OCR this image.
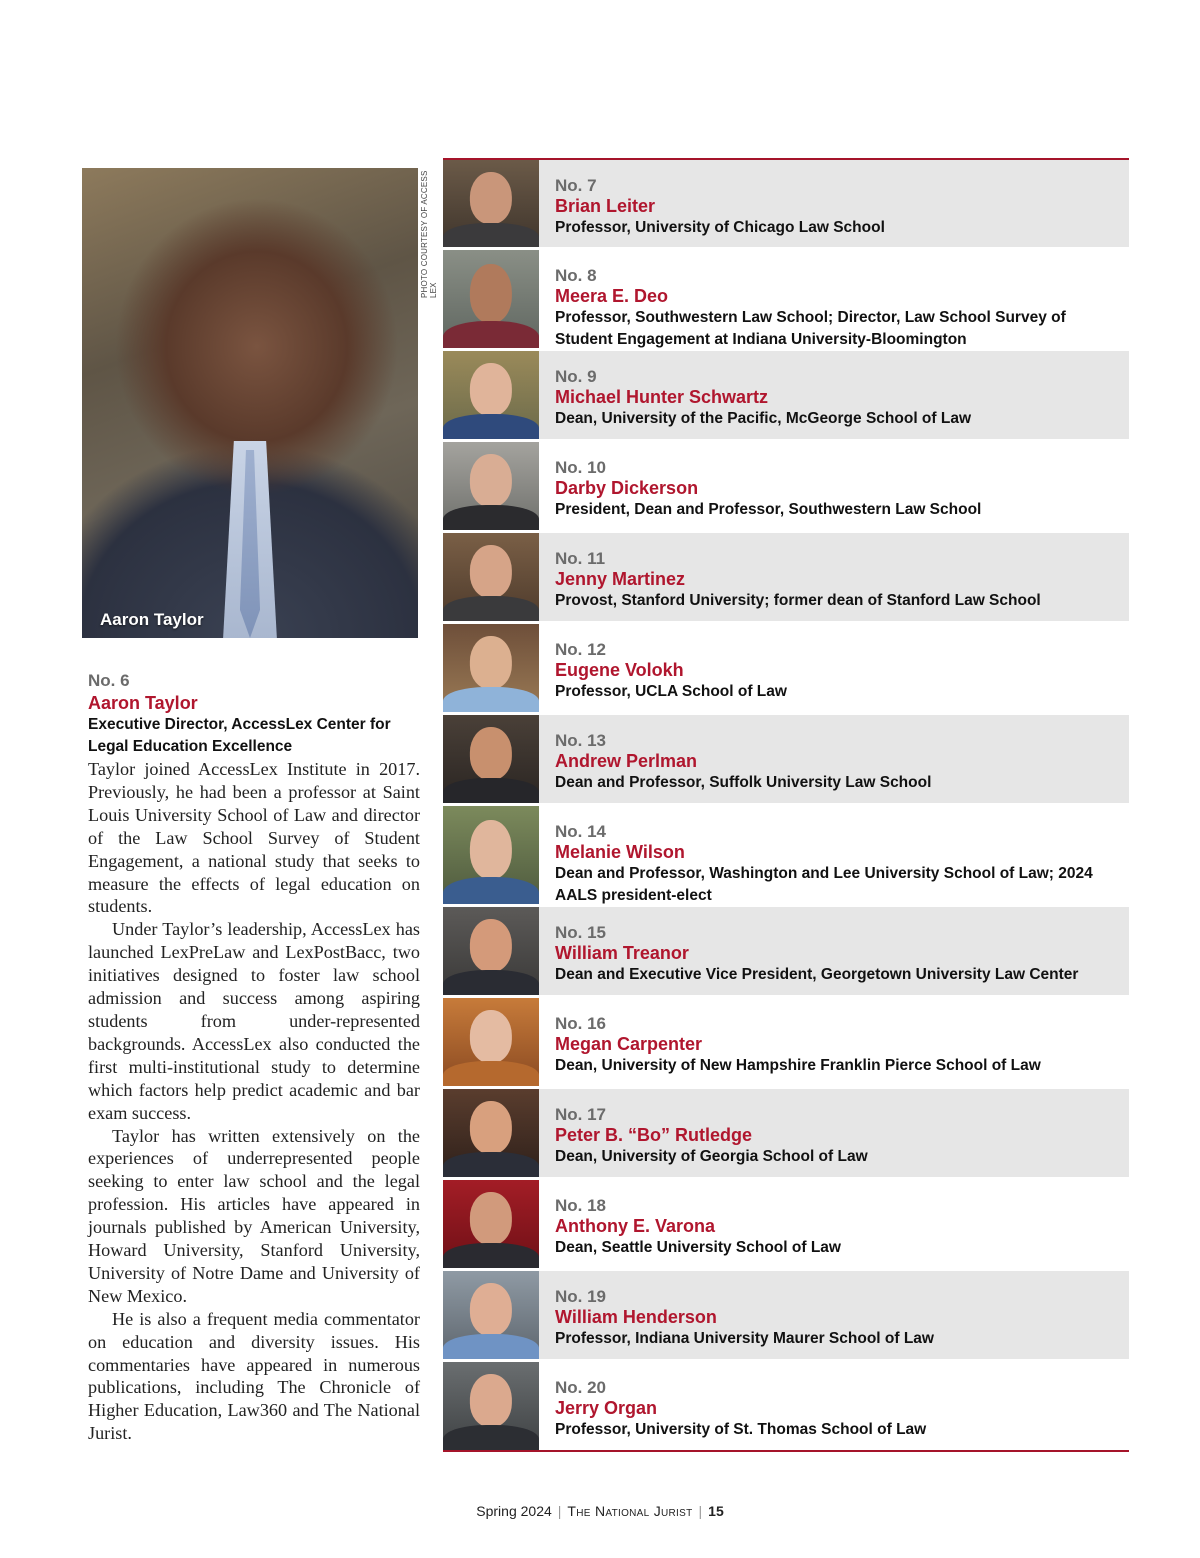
Aaron Taylor
PHOTO COURTESY OF ACCESS LEX
No. 6
Aaron Taylor
Executive Director, AccessLex Center for Legal Education Excellence

Taylor joined AccessLex Institute in 2017. Previously, he had been a professor at Saint Louis University School of Law and director of the Law School Survey of Student Engagement, a national study that seeks to measure the effects of legal education on students.

Under Taylor’s leadership, AccessLex has launched LexPreLaw and LexPostBacc, two initiatives designed to foster law school admission and success among aspiring students from under-represented backgrounds. AccessLex also conducted the first multi-institutional study to determine which factors help predict academic and bar exam success.

Taylor has written extensively on the experiences of underrepresented people seeking to enter law school and the legal profession. His articles have appeared in journals published by American University, Howard University, Stanford University, University of Notre Dame and University of New Mexico.

He is also a frequent media commentator on education and diversity issues. His commentaries have appeared in numerous publications, including The Chronicle of Higher Education, Law360 and The National Jurist.

No. 7
Brian Leiter
Professor, University of Chicago Law School
No. 8
Meera E. Deo
Professor, Southwestern Law School; Director, Law School Survey of Student Engagement at Indiana University-Bloomington
No. 9
Michael Hunter Schwartz
Dean, University of the Pacific, McGeorge School of Law
No. 10
Darby Dickerson
President, Dean and Professor, Southwestern Law School
No. 11
Jenny Martinez
Provost, Stanford University; former dean of Stanford Law School
No. 12
Eugene Volokh
Professor, UCLA School of Law
No. 13
Andrew Perlman
Dean and Professor, Suffolk University Law School
No. 14
Melanie Wilson
Dean and Professor, Washington and Lee University School of Law; 2024 AALS president-elect
No. 15
William Treanor
Dean and Executive Vice President, Georgetown University Law Center
No. 16
Megan Carpenter
Dean, University of New Hampshire Franklin Pierce School of Law
No. 17
Peter B. “Bo” Rutledge
Dean, University of Georgia School of Law
No. 18
Anthony E. Varona
Dean, Seattle University School of Law
No. 19
William Henderson
Professor, Indiana University Maurer School of Law
No. 20
Jerry Organ
Professor, University of St. Thomas School of Law
Spring 2024 | The National Jurist | 15
